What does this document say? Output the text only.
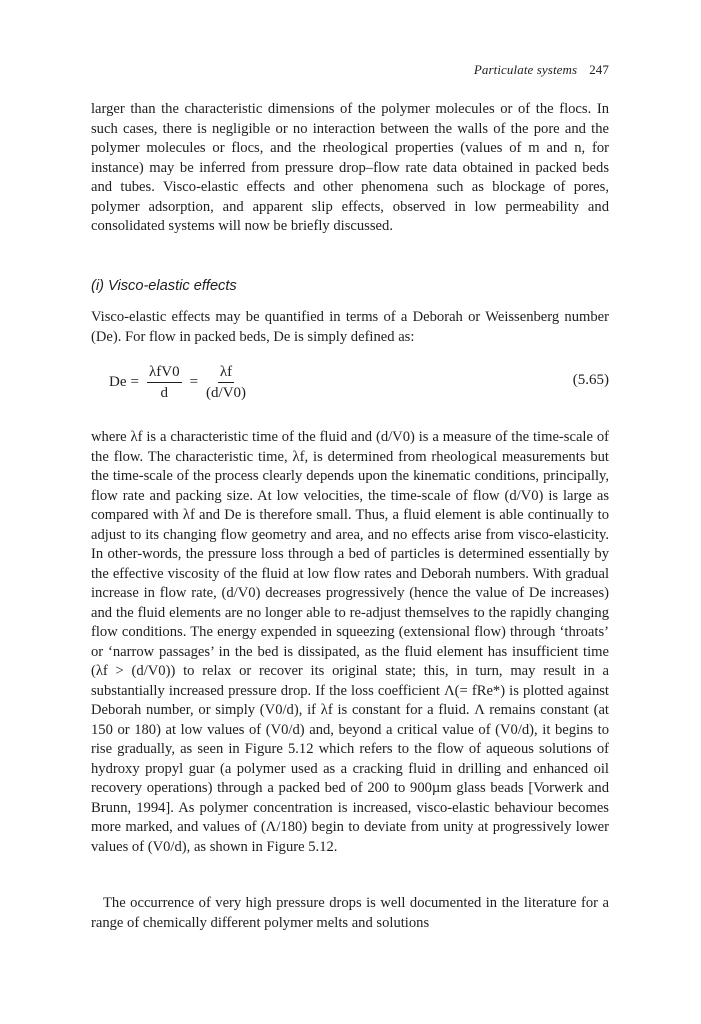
Particulate systems 247

larger than the characteristic dimensions of the polymer molecules or of the flocs. In such cases, there is negligible or no interaction between the walls of the pore and the polymer molecules or flocs, and the rheological properties (values of m and n, for instance) may be inferred from pressure drop–flow rate data obtained in packed beds and tubes. Visco-elastic effects and other phenomena such as blockage of pores, polymer adsorption, and apparent slip effects, observed in low permeability and consolidated systems will now be briefly discussed.

(i) Visco-elastic effects

Visco-elastic effects may be quantified in terms of a Deborah or Weissenberg number (De). For flow in packed beds, De is simply defined as:

$De = \frac{\text{λfV0}}{d} = \frac{\lambda f}{(d/V0)}$	(5.65)

where λf is a characteristic time of the fluid and (d/V0) is a measure of the time-scale of the flow. The characteristic time, λf, is determined from rheological measurements but the time-scale of the process clearly depends upon the kinematic conditions, principally, flow rate and packing size. At low velocities, the time-scale of flow (d/V0) is large as compared with λf and De is therefore small. Thus, a fluid element is able continually to adjust to its changing flow geometry and area, and no effects arise from visco-elasticity. In other-words, the pressure loss through a bed of particles is determined essentially by the effective viscosity of the fluid at low flow rates and Deborah numbers. With gradual increase in flow rate, (d/V0) decreases progressively (hence the value of De increases) and the fluid elements are no longer able to re-adjust themselves to the rapidly changing flow conditions. The energy expended in squeezing (extensional flow) through ‘throats’ or ‘narrow passages’ in the bed is dissipated, as the fluid element has insufficient time (λf > (d/V0)) to relax or recover its original state; this, in turn, may result in a substantially increased pressure drop. If the loss coefficient Λ(= fRe*) is plotted against Deborah number, or simply (V0/d), if λf is constant for a fluid. Λ remains constant (at 150 or 180) at low values of (V0/d) and, beyond a critical value of (V0/d), it begins to rise gradually, as seen in Figure 5.12 which refers to the flow of aqueous solutions of hydroxy propyl guar (a polymer used as a cracking fluid in drilling and enhanced oil recovery operations) through a packed bed of 200 to 900µm glass beads [Vorwerk and Brunn, 1994]. As polymer concentration is increased, visco-elastic behaviour becomes more marked, and values of (Λ/180) begin to deviate from unity at progressively lower values of (V0/d), as shown in Figure 5.12.

The occurrence of very high pressure drops is well documented in the literature for a range of chemically different polymer melts and solutions
